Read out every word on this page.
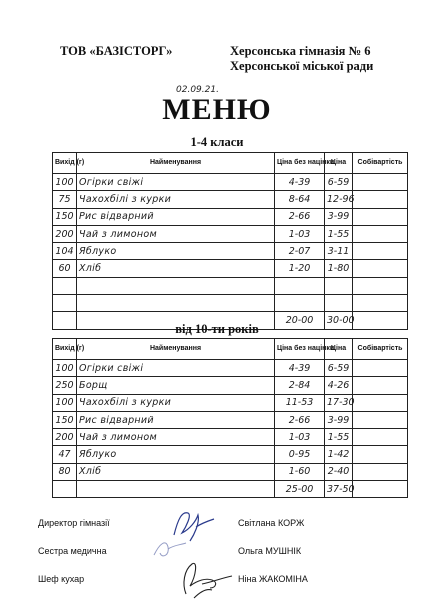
ТОВ «БАЗІСТОРГ»	Херсонська гімназія № 6
Херсонської міської ради
02.09.21.
МЕНЮ
1-4 класи
Вихід (г)	Найменування	Ціна без націнки	Ціна	Собівартість
100	Огірки свіжі	4-39	6-59	
75	Чахохбілі з курки	8-64	12-96	
150	Рис відварний	2-66	3-99	
200	Чай з лимоном	1-03	1-55	
104	Яблуко	2-07	3-11	
60	Хліб	1-20	1-80	

		20-00	30-00	
від 10-ти років
Вихід (г)	Найменування	Ціна без націнки	Ціна	Собівартість
100	Огірки свіжі	4-39	6-59	
250	Борщ	2-84	4-26	
100	Чахохбілі з курки	11-53	17-30	
150	Рис відварний	2-66	3-99	
200	Чай з лимоном	1-03	1-55	
47	Яблуко	0-95	1-42	
80	Хліб	1-60	2-40	
		25-00	37-50	
Директор гімназії	Світлана КОРЖ
Сестра медична	Ольга МУШНІК
Шеф кухар	Ніна ЖАКОМІНА
